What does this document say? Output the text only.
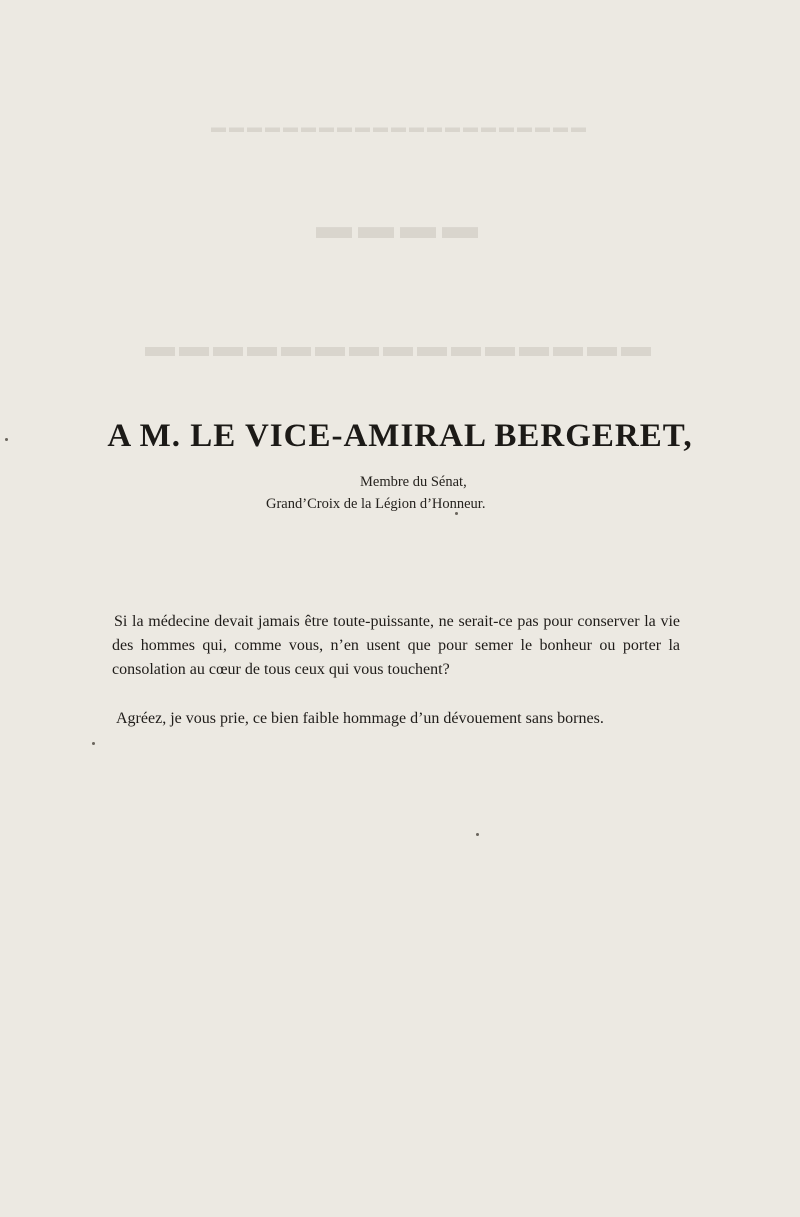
▬▬▬▬▬▬▬▬▬▬▬▬▬▬▬▬▬▬▬▬▬
▬▬▬▬
▬▬▬▬▬▬▬▬▬▬▬▬▬▬▬
A M. LE VICE-AMIRAL BERGERET,

Membre du Sénat,

Grand’Croix de la Légion d’Honneur.

Si la médecine devait jamais être toute-puissante, ne serait-ce pas pour conserver la vie des hommes qui, comme vous, n’en usent que pour semer le bonheur ou porter la consolation au cœur de tous ceux qui vous touchent?

Agréez, je vous prie, ce bien faible hommage d’un dévouement sans bornes.
